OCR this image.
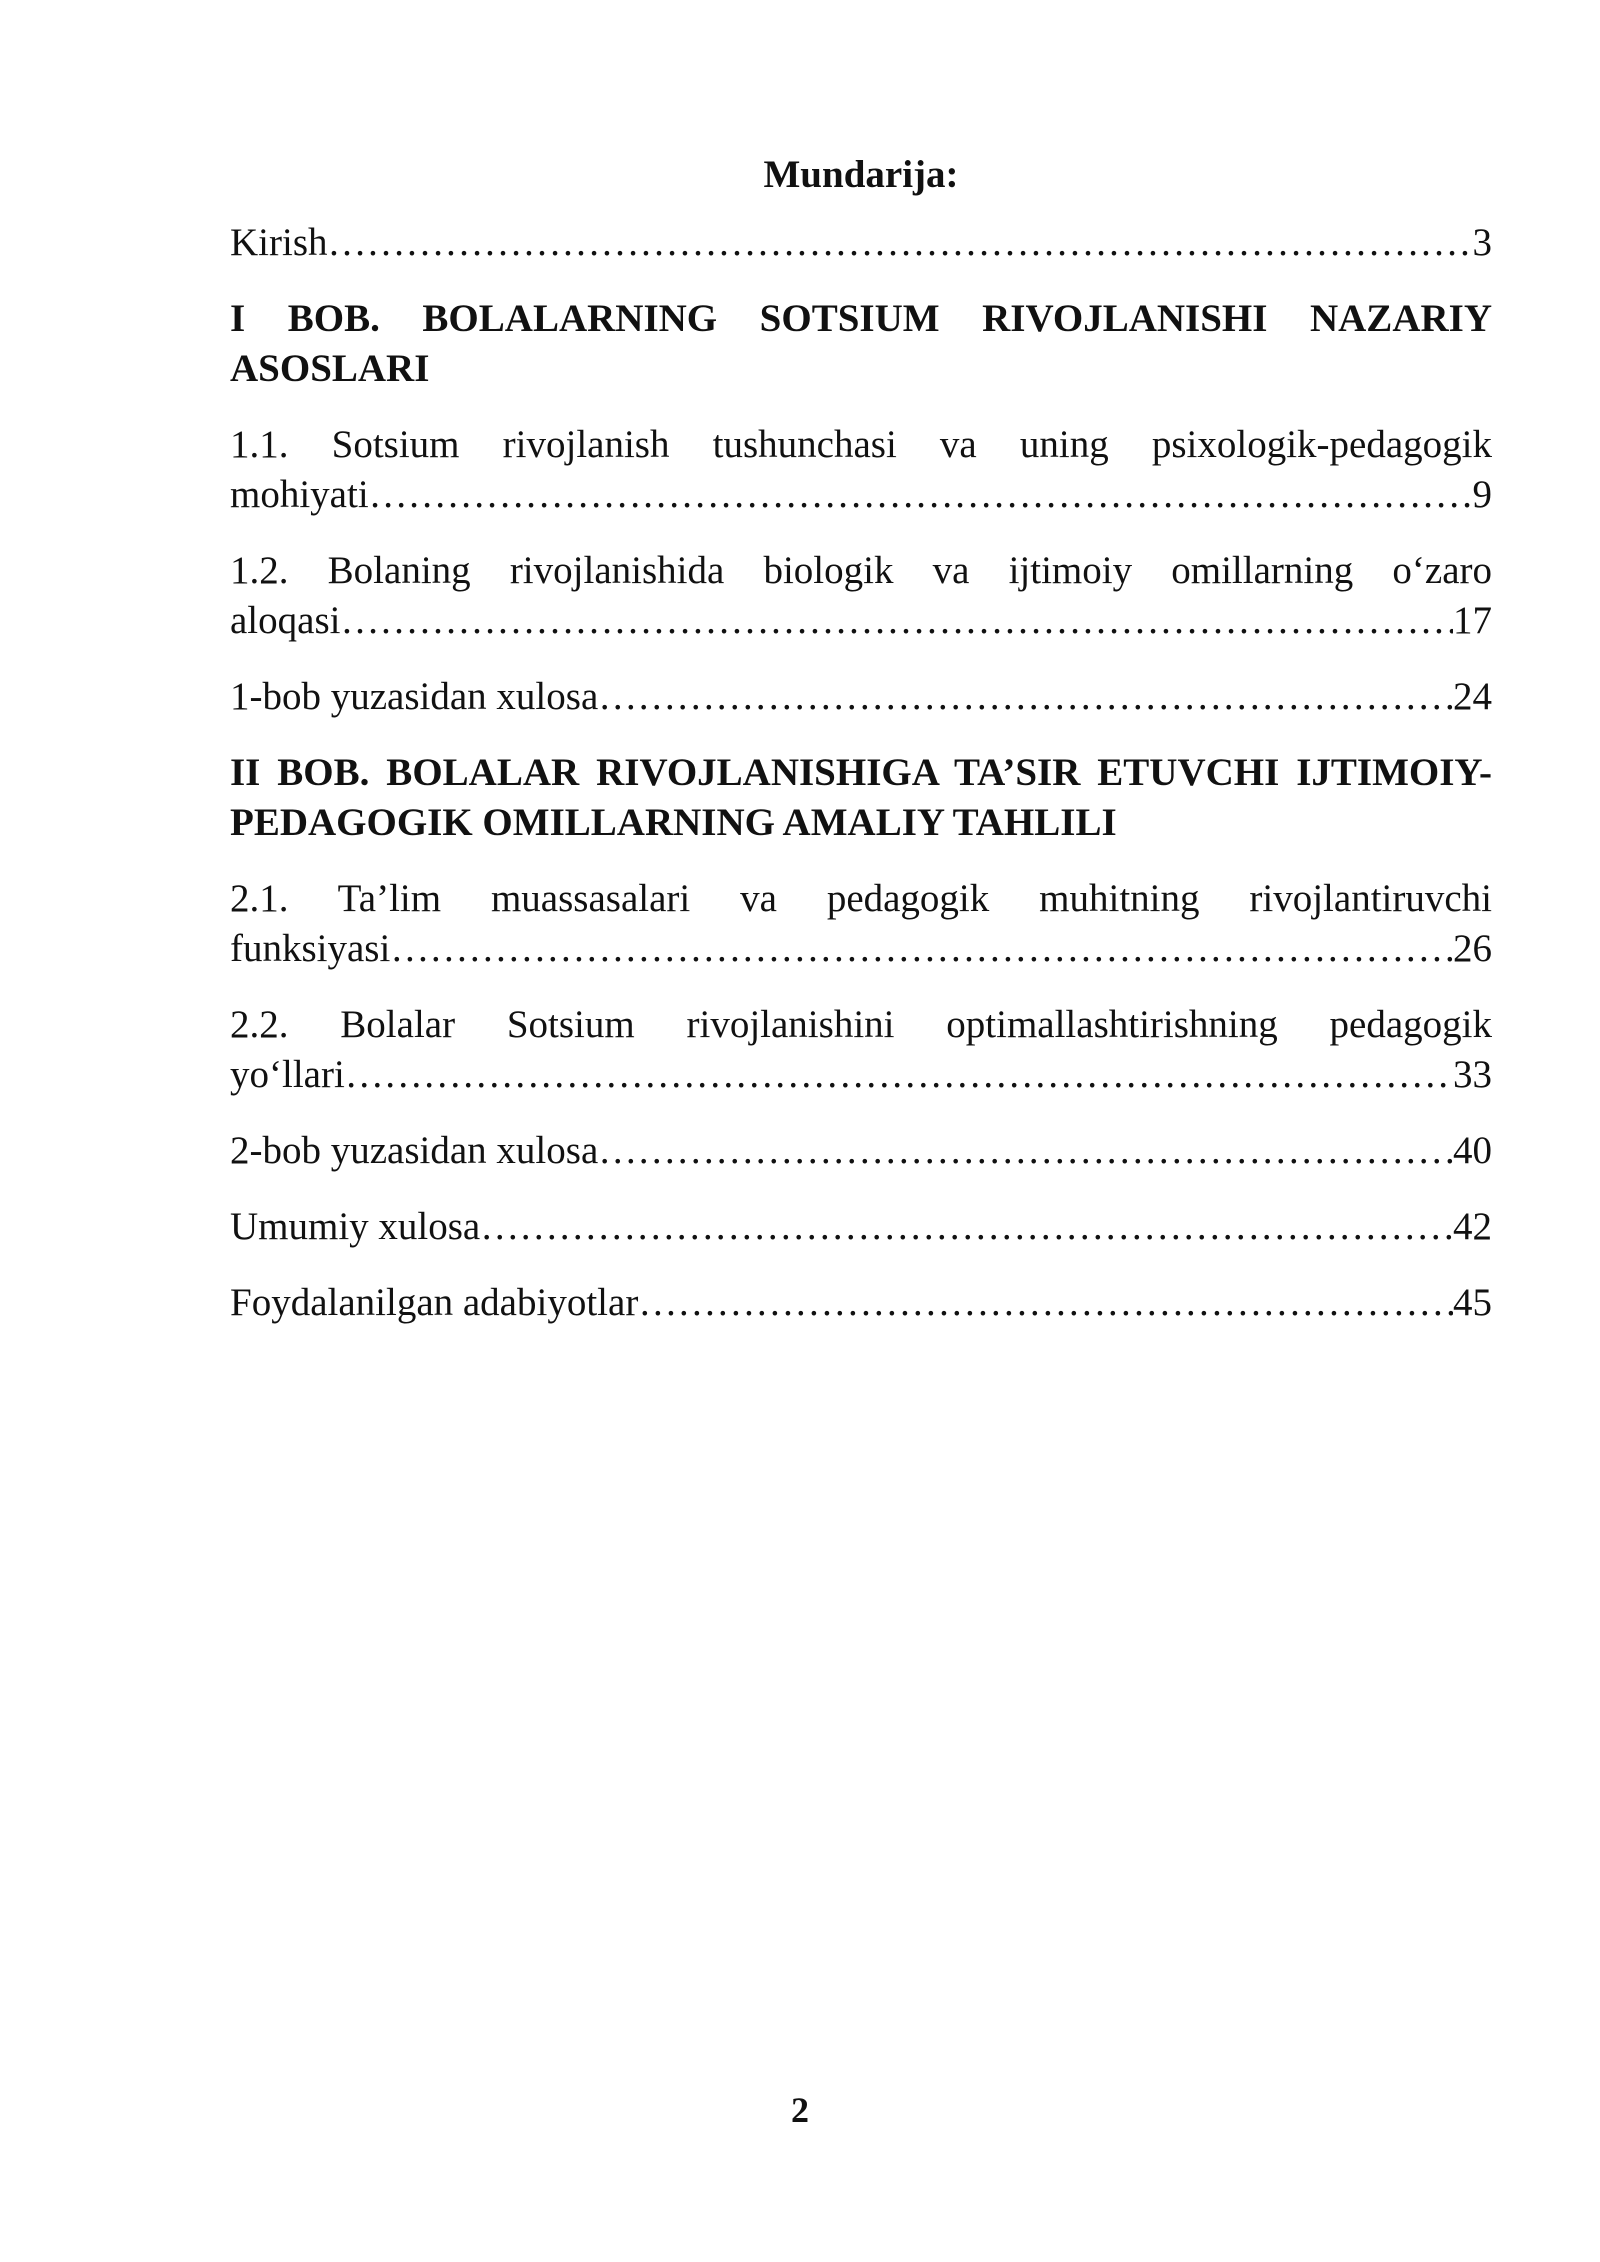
Mundarija:
Kirish …………………………………………………………………………………………………………………………………………………………………………	3
I BOB. BOLALARNING SOTSIUM RIVOJLANISHI NAZARIY ASOSLARI
1.1. Sotsium rivojlanish tushunchasi va uning psixologik-pedagogik
mohiyati …………………………………………………………………………………………………………………………………………………………………………	9
1.2. Bolaning rivojlanishida biologik va ijtimoiy omillarning o‘zaro
aloqasi …………………………………………………………………………………………………………………………………………………………………………	17
1-bob yuzasidan xulosa …………………………………………………………………………………………………………………………………………………………………………	24
II BOB. BOLALAR RIVOJLANISHIGA TA’SIR ETUVCHI IJTIMOIY- PEDAGOGIK OMILLARNING AMALIY TAHLILI
2.1. Ta’lim muassasalari va pedagogik muhitning rivojlantiruvchi
funksiyasi …………………………………………………………………………………………………………………………………………………………………………	26
2.2. Bolalar Sotsium rivojlanishini optimallashtirishning pedagogik
yo‘llari …………………………………………………………………………………………………………………………………………………………………………	33
2-bob yuzasidan xulosa …………………………………………………………………………………………………………………………………………………………………………	40
Umumiy xulosa …………………………………………………………………………………………………………………………………………………………………………	42
Foydalanilgan adabiyotlar …………………………………………………………………………………………………………………………………………………………………………	45
2
